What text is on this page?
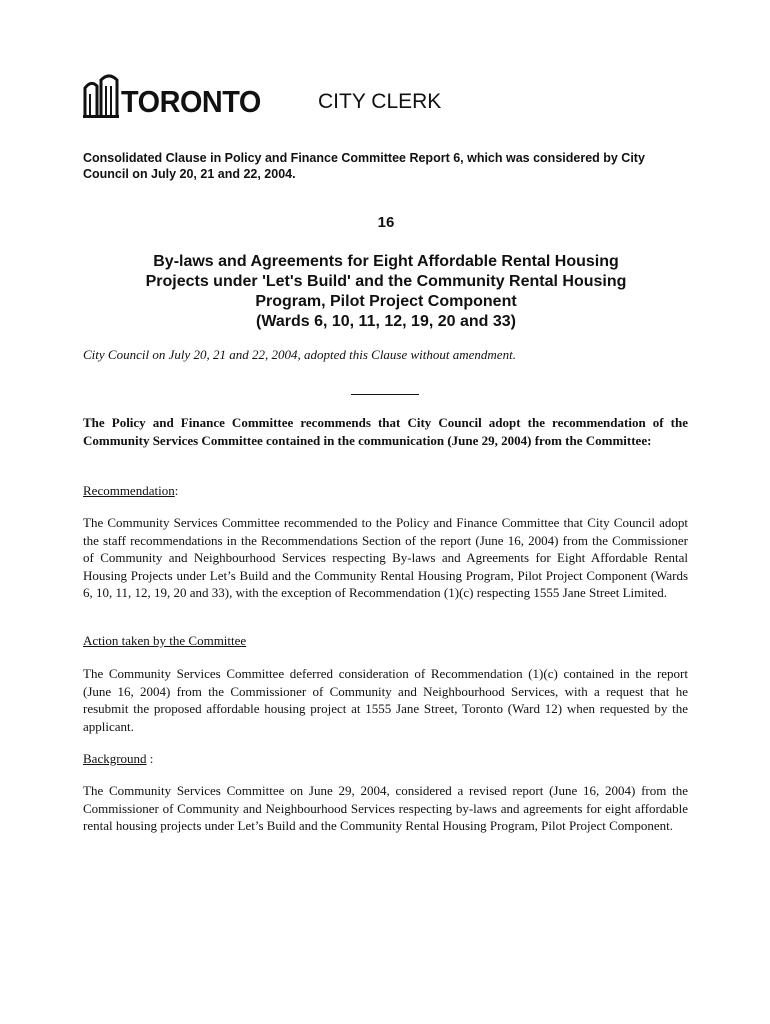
TORONTO	CITY CLERK

Consolidated Clause in Policy and Finance Committee Report 6, which was considered by City Council on July 20, 21 and 22, 2004.

16

By-laws and Agreements for Eight Affordable Rental Housing
Projects under 'Let's Build' and the Community Rental Housing
Program, Pilot Project Component
(Wards 6, 10, 11, 12, 19, 20 and 33)

City Council on July 20, 21 and 22, 2004, adopted this Clause without amendment.

The Policy and Finance Committee recommends that City Council adopt the recommendation of the Community Services Committee contained in the communication (June 29, 2004) from the Committee:

Recommendation:

The Community Services Committee recommended to the Policy and Finance Committee that City Council adopt the staff recommendations in the Recommendations Section of the report (June 16, 2004) from the Commissioner of Community and Neighbourhood Services respecting By-laws and Agreements for Eight Affordable Rental Housing Projects under Let’s Build and the Community Rental Housing Program, Pilot Project Component (Wards 6, 10, 11, 12, 19, 20 and 33), with the exception of Recommendation (1)(c) respecting 1555 Jane Street Limited.

Action taken by the Committee

The Community Services Committee deferred consideration of Recommendation (1)(c) contained in the report (June 16, 2004) from the Commissioner of Community and Neighbourhood Services, with a request that he resubmit the proposed affordable housing project at 1555 Jane Street, Toronto (Ward 12) when requested by the applicant.

Background :

The Community Services Committee on June 29, 2004, considered a revised report (June 16, 2004) from the Commissioner of Community and Neighbourhood Services respecting by-laws and agreements for eight affordable rental housing projects under Let’s Build and the Community Rental Housing Program, Pilot Project Component.
